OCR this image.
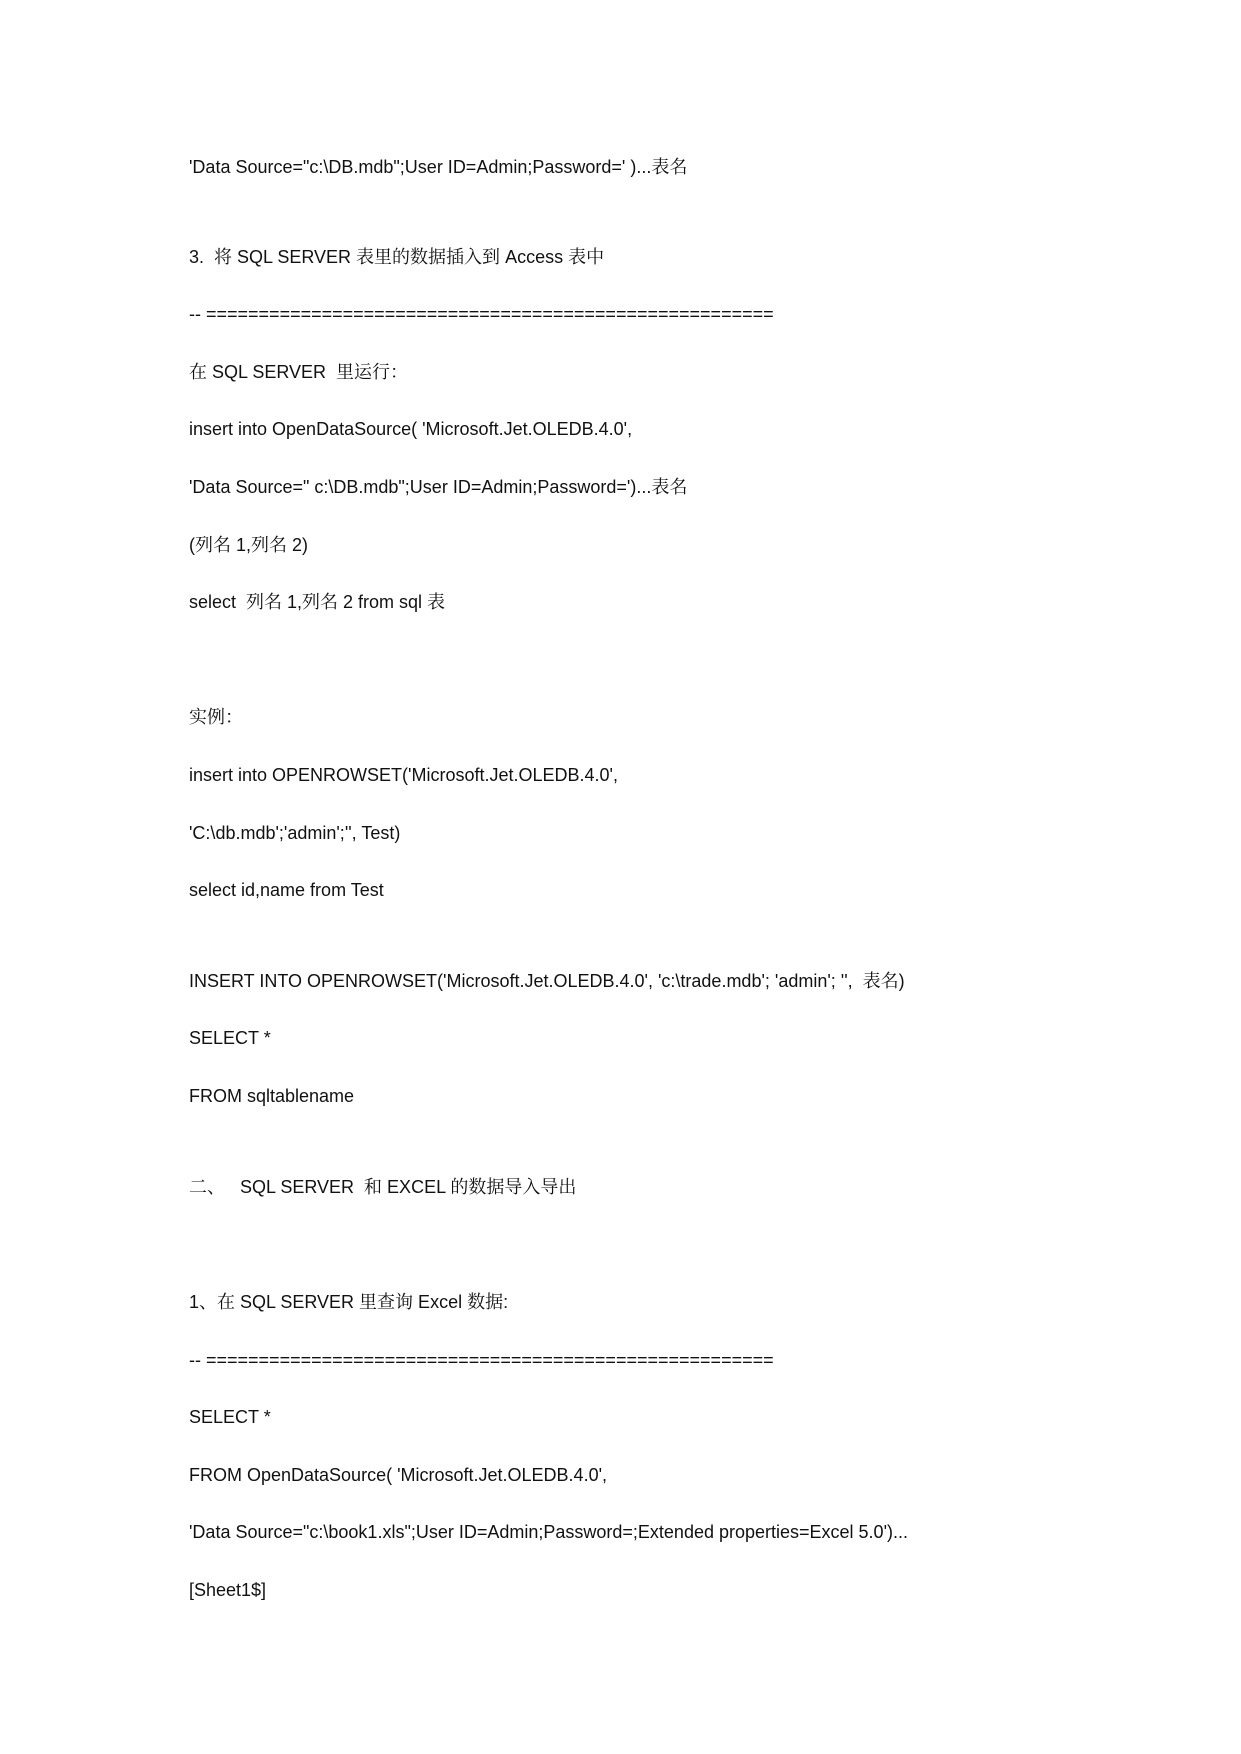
'Data Source="c:\DB.mdb";User ID=Admin;Password=' )...表名
3.  将 SQL SERVER 表里的数据插入到 Access 表中
-- ======================================================
在 SQL SERVER  里运行：
insert into OpenDataSource( 'Microsoft.Jet.OLEDB.4.0',
'Data Source=" c:\DB.mdb";User ID=Admin;Password=')...表名
(列名 1,列名 2)
select  列名 1,列名 2 from sql 表
实例：
insert into OPENROWSET('Microsoft.Jet.OLEDB.4.0',
'C:\db.mdb';'admin';'', Test)
select id,name from Test
INSERT INTO OPENROWSET('Microsoft.Jet.OLEDB.4.0', 'c:\trade.mdb'; 'admin'; '',  表名)
SELECT *
FROM sqltablename
二、   SQL SERVER  和 EXCEL 的数据导入导出
1、在 SQL SERVER 里查询 Excel 数据:
-- ======================================================
SELECT *
FROM OpenDataSource( 'Microsoft.Jet.OLEDB.4.0',
'Data Source="c:\book1.xls";User ID=Admin;Password=;Extended properties=Excel 5.0')...
[Sheet1$]
